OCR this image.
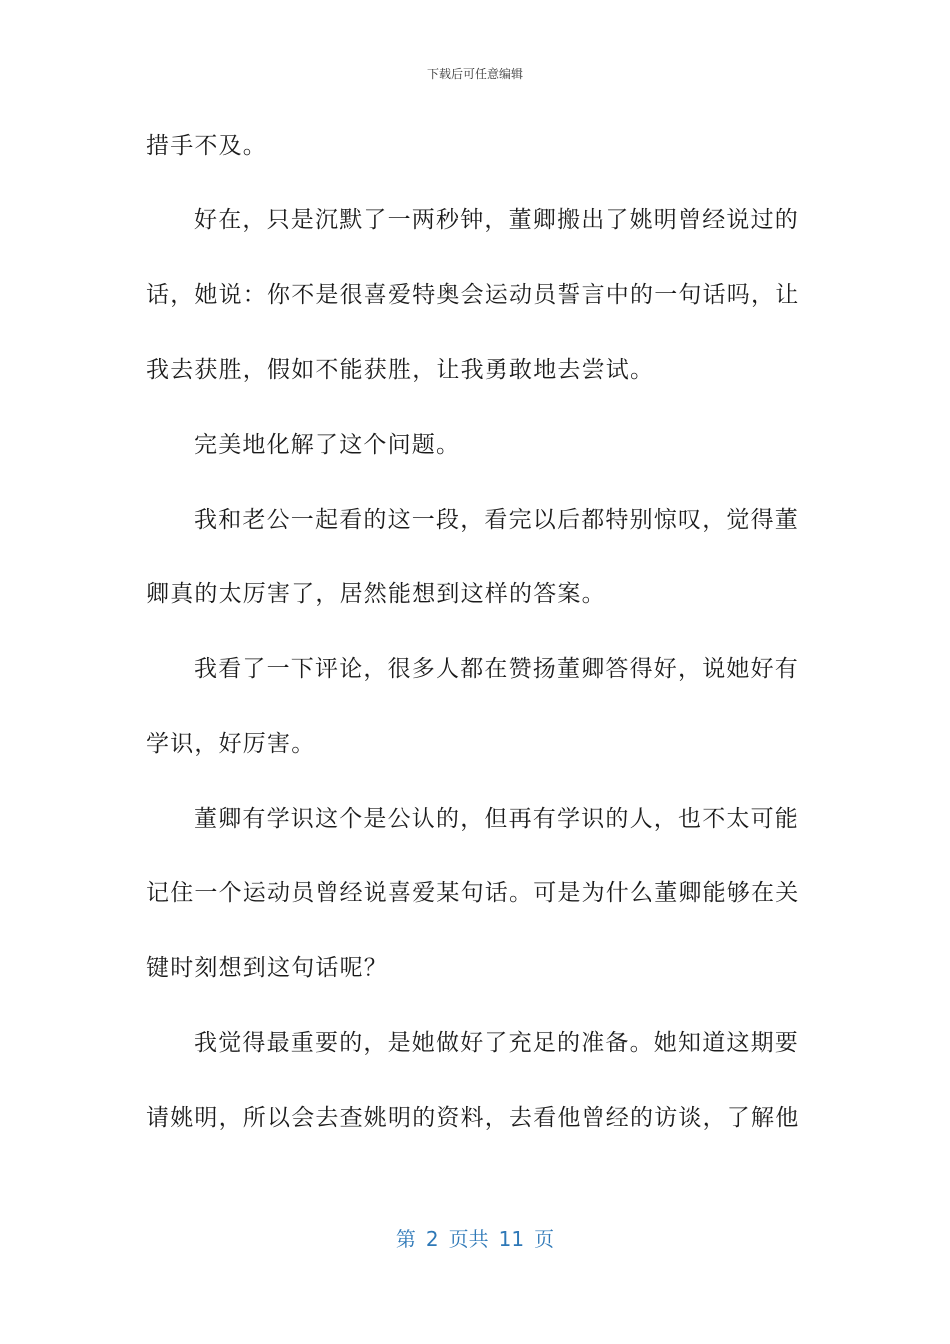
下载后可任意编辑
措手不及。
好在，只是沉默了一两秒钟，董卿搬出了姚明曾经说过的
话，她说：你不是很喜爱特奥会运动员誓言中的一句话吗，让
我去获胜，假如不能获胜，让我勇敢地去尝试。
完美地化解了这个问题。
我和老公一起看的这一段，看完以后都特别惊叹，觉得董
卿真的太厉害了，居然能想到这样的答案。
我看了一下评论，很多人都在赞扬董卿答得好，说她好有
学识，好厉害。
董卿有学识这个是公认的，但再有学识的人，也不太可能
记住一个运动员曾经说喜爱某句话。可是为什么董卿能够在关
键时刻想到这句话呢？
我觉得最重要的，是她做好了充足的准备。她知道这期要
请姚明，所以会去查姚明的资料，去看他曾经的访谈，了解他
第 2 页共 11 页
